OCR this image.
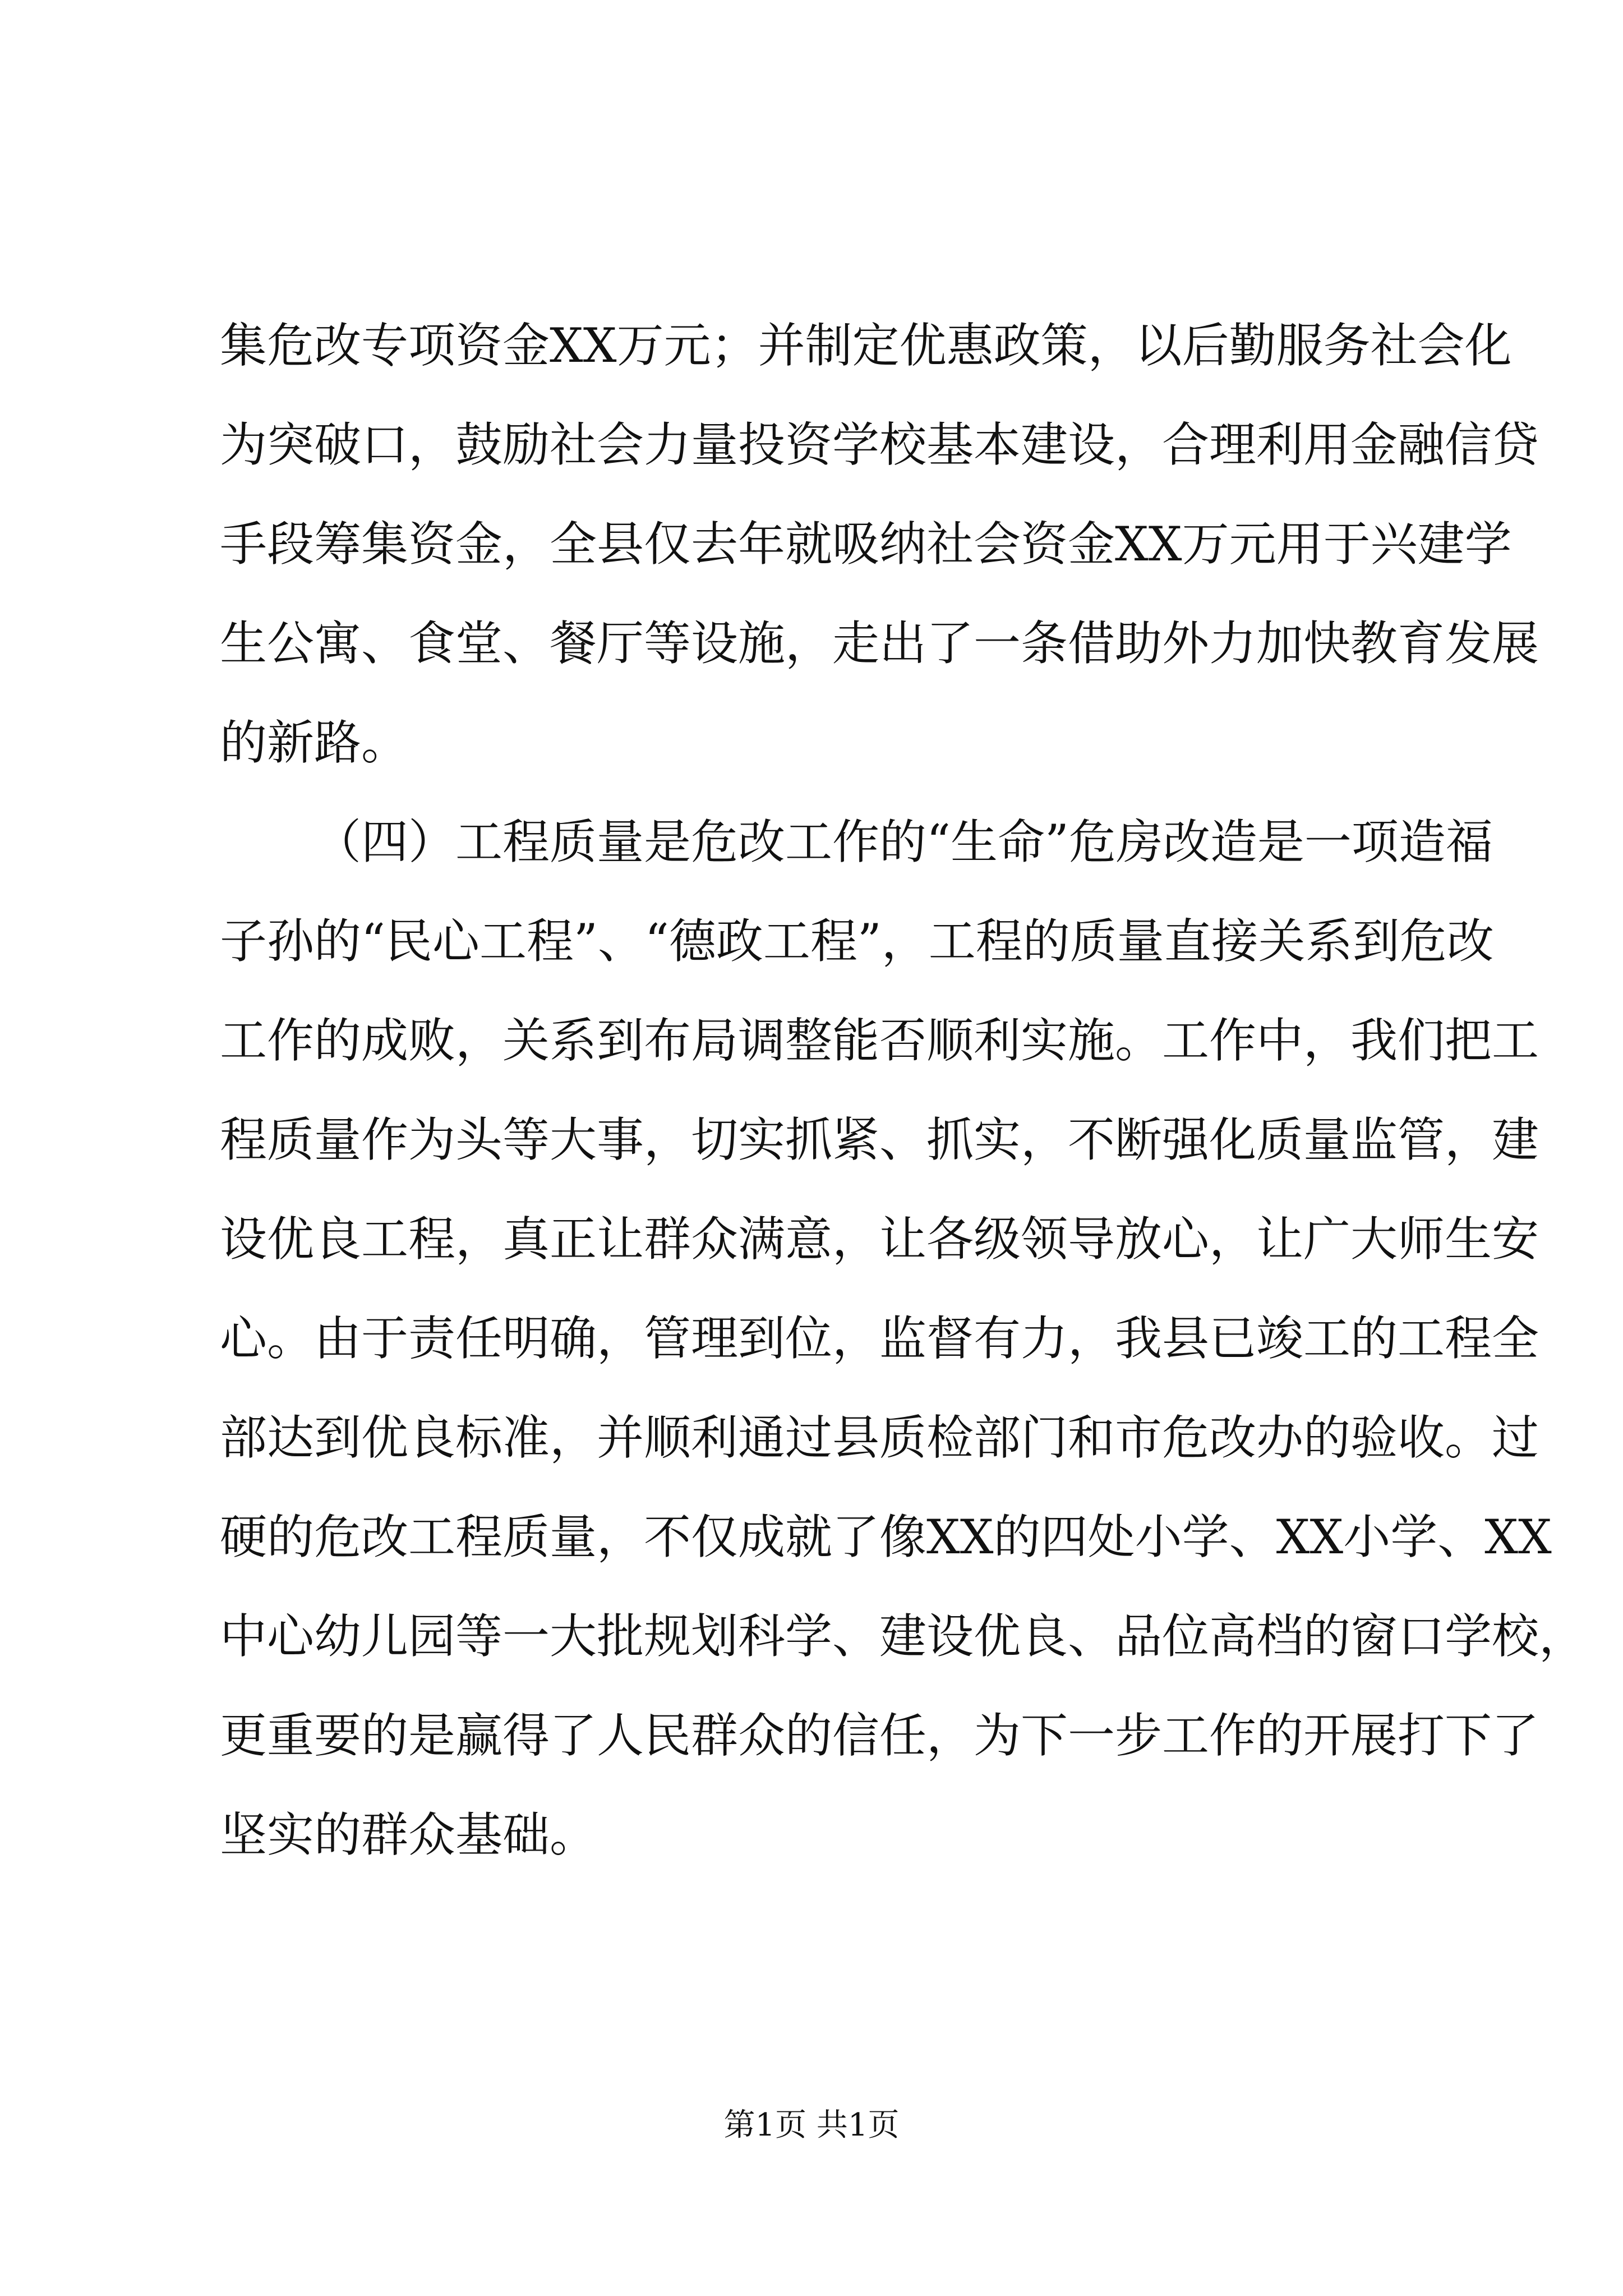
集危改专项资金XX万元；并制定优惠政策，以后勤服务社会化
为突破口，鼓励社会力量投资学校基本建设，合理利用金融信贷
手段筹集资金，全县仅去年就吸纳社会资金XX万元用于兴建学
生公寓、食堂、餐厅等设施，走出了一条借助外力加快教育发展
的新路。
（四）工程质量是危改工作的“生命”危房改造是一项造福
子孙的“民心工程”、“德政工程”，工程的质量直接关系到危改
工作的成败，关系到布局调整能否顺利实施。工作中，我们把工
程质量作为头等大事，切实抓紧、抓实，不断强化质量监管，建
设优良工程，真正让群众满意，让各级领导放心，让广大师生安
心。由于责任明确，管理到位，监督有力，我县已竣工的工程全
部达到优良标准，并顺利通过县质检部门和市危改办的验收。过
硬的危改工程质量，不仅成就了像XX的四处小学、XX小学、XX
中心幼儿园等一大批规划科学、建设优良、品位高档的窗口学校，
更重要的是赢得了人民群众的信任，为下一步工作的开展打下了
坚实的群众基础。
第1页 共1页
